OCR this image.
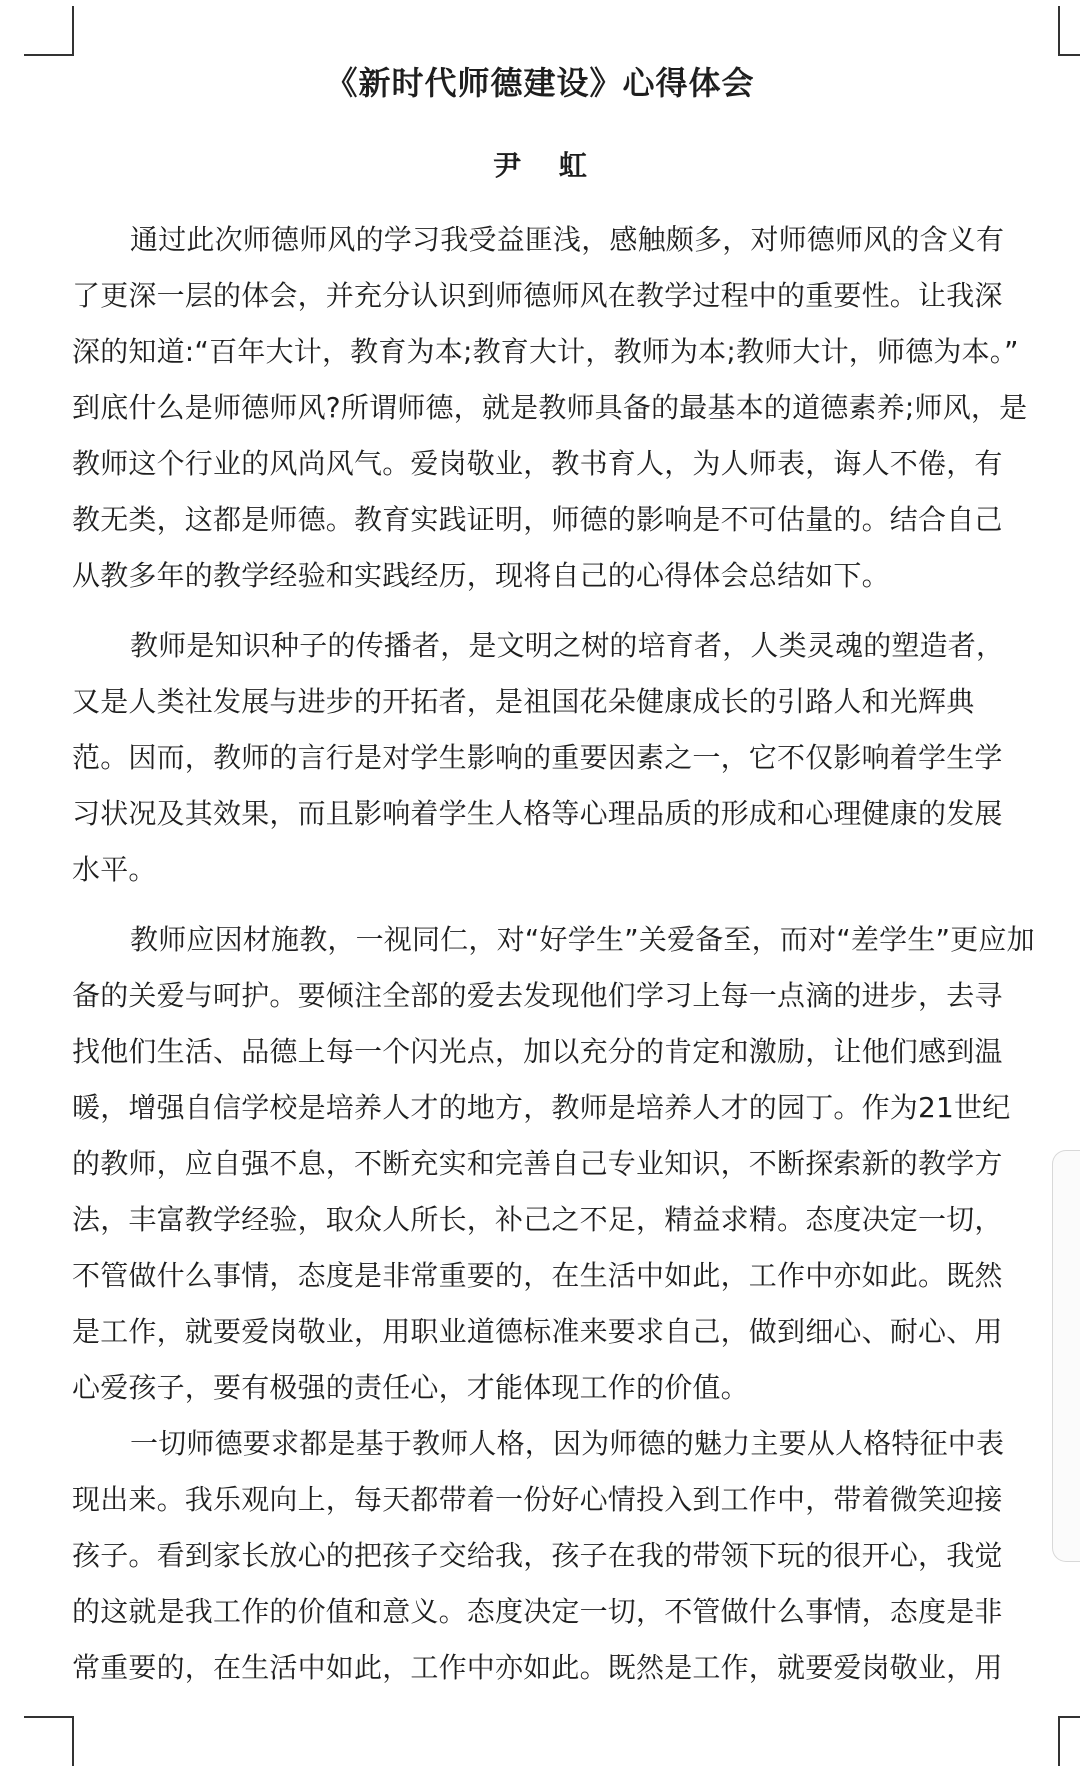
《新时代师德建设》心得体会
尹 虹
通过此次师德师风的学习我受益匪浅，感触颇多，对师德师风的含义有
了更深一层的体会，并充分认识到师德师风在教学过程中的重要性。让我深
深的知道:“百年大计，教育为本;教育大计，教师为本;教师大计，师德为本。”
到底什么是师德师风?所谓师德，就是教师具备的最基本的道德素养;师风，是
教师这个行业的风尚风气。爱岗敬业，教书育人，为人师表，诲人不倦，有
教无类，这都是师德。教育实践证明，师德的影响是不可估量的。结合自己
从教多年的教学经验和实践经历，现将自己的心得体会总结如下。
教师是知识种子的传播者，是文明之树的培育者，人类灵魂的塑造者，
又是人类社发展与进步的开拓者，是祖国花朵健康成长的引路人和光辉典
范。因而，教师的言行是对学生影响的重要因素之一，它不仅影响着学生学
习状况及其效果，而且影响着学生人格等心理品质的形成和心理健康的发展
水平。
教师应因材施教，一视同仁，对“好学生”关爱备至，而对“差学生”更应加
备的关爱与呵护。要倾注全部的爱去发现他们学习上每一点滴的进步，去寻
找他们生活、品德上每一个闪光点，加以充分的肯定和激励，让他们感到温
暖，增强自信学校是培养人才的地方，教师是培养人才的园丁。作为21世纪
的教师，应自强不息，不断充实和完善自己专业知识，不断探索新的教学方
法，丰富教学经验，取众人所长，补己之不足，精益求精。态度决定一切，
不管做什么事情，态度是非常重要的，在生活中如此，工作中亦如此。既然
是工作，就要爱岗敬业，用职业道德标准来要求自己，做到细心、耐心、用
心爱孩子，要有极强的责任心，才能体现工作的价值。
一切师德要求都是基于教师人格，因为师德的魅力主要从人格特征中表
现出来。我乐观向上，每天都带着一份好心情投入到工作中，带着微笑迎接
孩子。看到家长放心的把孩子交给我，孩子在我的带领下玩的很开心，我觉
的这就是我工作的价值和意义。态度决定一切，不管做什么事情，态度是非
常重要的，在生活中如此，工作中亦如此。既然是工作，就要爱岗敬业，用
